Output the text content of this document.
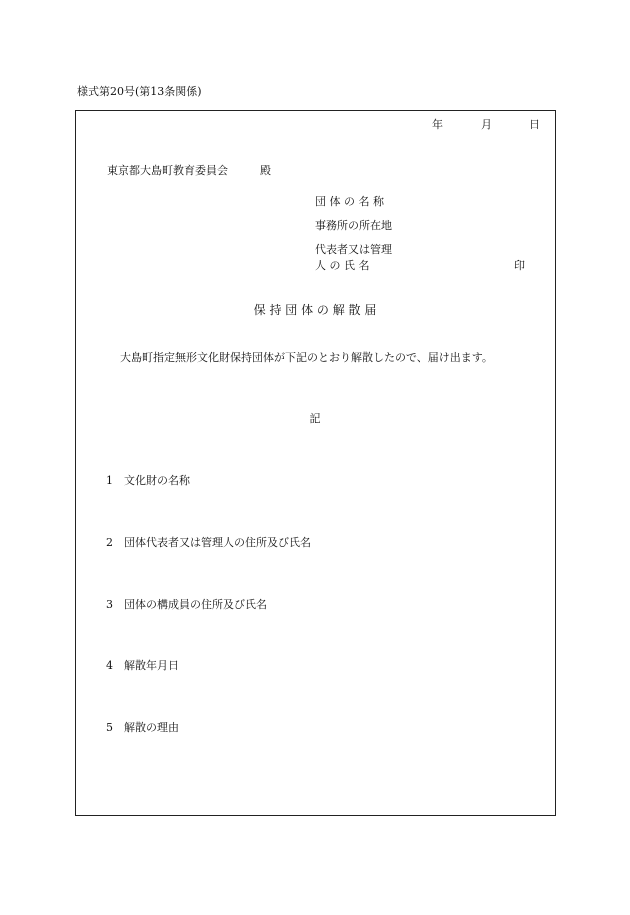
様式第20号(第13条関係)
年	月	日
東京都大島町教育委員会	殿
団 体 の 名 称
事務所の所在地
代表者又は管理
人 の 氏 名	印
保 持 団 体 の 解 散 届
大島町指定無形文化財保持団体が下記のとおり解散したので、届け出ます。
記
1 文化財の名称
2 団体代表者又は管理人の住所及び氏名
3 団体の構成員の住所及び氏名
4 解散年月日
5 解散の理由
